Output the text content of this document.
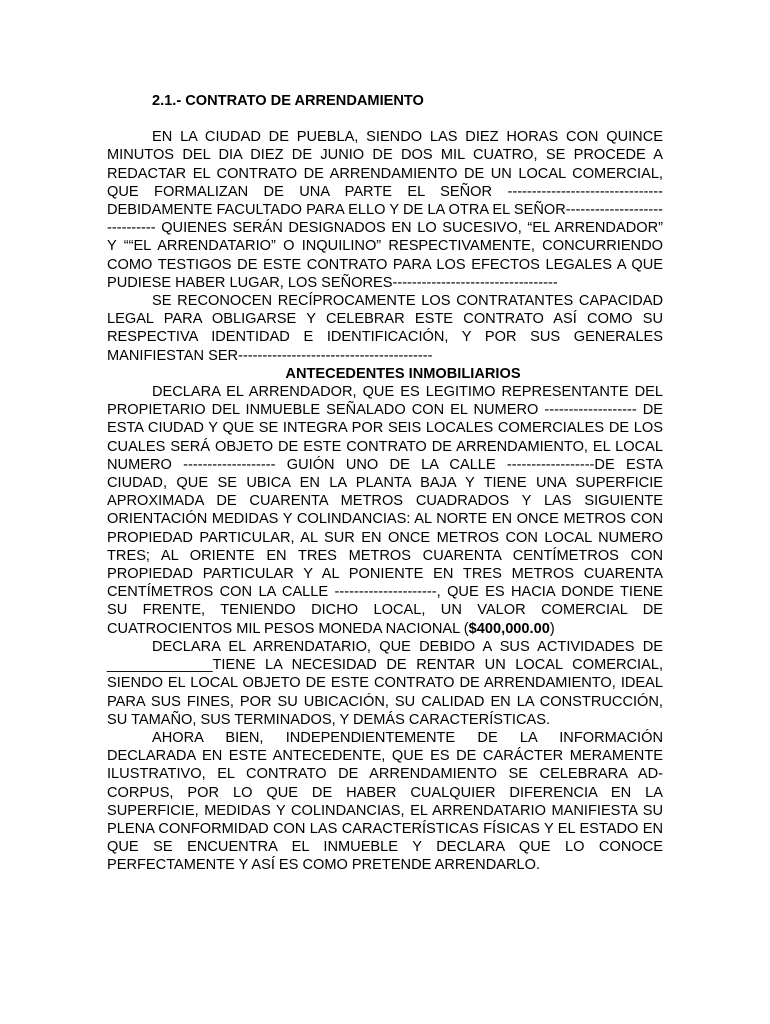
2.1.- CONTRATO DE ARRENDAMIENTO

EN LA CIUDAD DE PUEBLA, SIENDO LAS DIEZ HORAS CON QUINCE MINUTOS DEL DIA DIEZ DE JUNIO DE DOS MIL CUATRO, SE PROCEDE A REDACTAR EL CONTRATO DE ARRENDAMIENTO DE UN LOCAL COMERCIAL, QUE FORMALIZAN DE UNA PARTE EL SEÑOR --------------------------------DEBIDAMENTE FACULTADO PARA ELLO Y DE LA OTRA EL SEÑOR------------------------------ QUIENES SERÁN DESIGNADOS EN LO SUCESIVO, “EL ARRENDADOR” Y ““EL ARRENDATARIO” O INQUILINO” RESPECTIVAMENTE, CONCURRIENDO COMO TESTIGOS DE ESTE CONTRATO PARA LOS EFECTOS LEGALES A QUE PUDIESE HABER LUGAR, LOS SEÑORES----------------------------------

SE RECONOCEN RECÍPROCAMENTE LOS CONTRATANTES CAPACIDAD LEGAL PARA OBLIGARSE Y CELEBRAR ESTE CONTRATO ASÍ COMO SU RESPECTIVA IDENTIDAD E IDENTIFICACIÓN, Y POR SUS GENERALES MANIFIESTAN SER----------------------------------------

ANTECEDENTES INMOBILIARIOS

DECLARA EL ARRENDADOR, QUE ES LEGITIMO REPRESENTANTE DEL PROPIETARIO DEL INMUEBLE SEÑALADO CON EL NUMERO ------------------- DE ESTA CIUDAD Y QUE SE INTEGRA POR SEIS LOCALES COMERCIALES DE LOS CUALES SERÁ OBJETO DE ESTE CONTRATO DE ARRENDAMIENTO, EL LOCAL NUMERO ------------------- GUIÓN UNO DE LA CALLE ------------------DE ESTA CIUDAD, QUE SE UBICA EN LA PLANTA BAJA Y TIENE UNA SUPERFICIE APROXIMADA DE CUARENTA METROS CUADRADOS Y LAS SIGUIENTE ORIENTACIÓN MEDIDAS Y COLINDANCIAS: AL NORTE EN ONCE METROS CON PROPIEDAD PARTICULAR, AL SUR EN ONCE METROS CON LOCAL NUMERO TRES; AL ORIENTE EN TRES METROS CUARENTA CENTÍMETROS CON PROPIEDAD PARTICULAR Y AL PONIENTE EN TRES METROS CUARENTA CENTÍMETROS CON LA CALLE ---------------------, QUE ES HACIA DONDE TIENE SU FRENTE, TENIENDO DICHO LOCAL, UN VALOR COMERCIAL DE CUATROCIENTOS MIL PESOS MONEDA NACIONAL ($400,000.00)

DECLARA EL ARRENDATARIO, QUE DEBIDO A SUS ACTIVIDADES DE _____________TIENE LA NECESIDAD DE RENTAR UN LOCAL COMERCIAL, SIENDO EL LOCAL OBJETO DE ESTE CONTRATO DE ARRENDAMIENTO, IDEAL PARA SUS FINES, POR SU UBICACIÓN, SU CALIDAD EN LA CONSTRUCCIÓN, SU TAMAÑO, SUS TERMINADOS, Y DEMÁS CARACTERÍSTICAS.

AHORA BIEN, INDEPENDIENTEMENTE DE LA INFORMACIÓN DECLARADA EN ESTE ANTECEDENTE, QUE ES DE CARÁCTER MERAMENTE ILUSTRATIVO, EL CONTRATO DE ARRENDAMIENTO SE CELEBRARA AD-CORPUS, POR LO QUE DE HABER CUALQUIER DIFERENCIA EN LA SUPERFICIE, MEDIDAS Y COLINDANCIAS, EL ARRENDATARIO MANIFIESTA SU PLENA CONFORMIDAD CON LAS CARACTERÍSTICAS FÍSICAS Y EL ESTADO EN QUE SE ENCUENTRA EL INMUEBLE Y DECLARA QUE LO CONOCE PERFECTAMENTE Y ASÍ ES COMO PRETENDE ARRENDARLO.
